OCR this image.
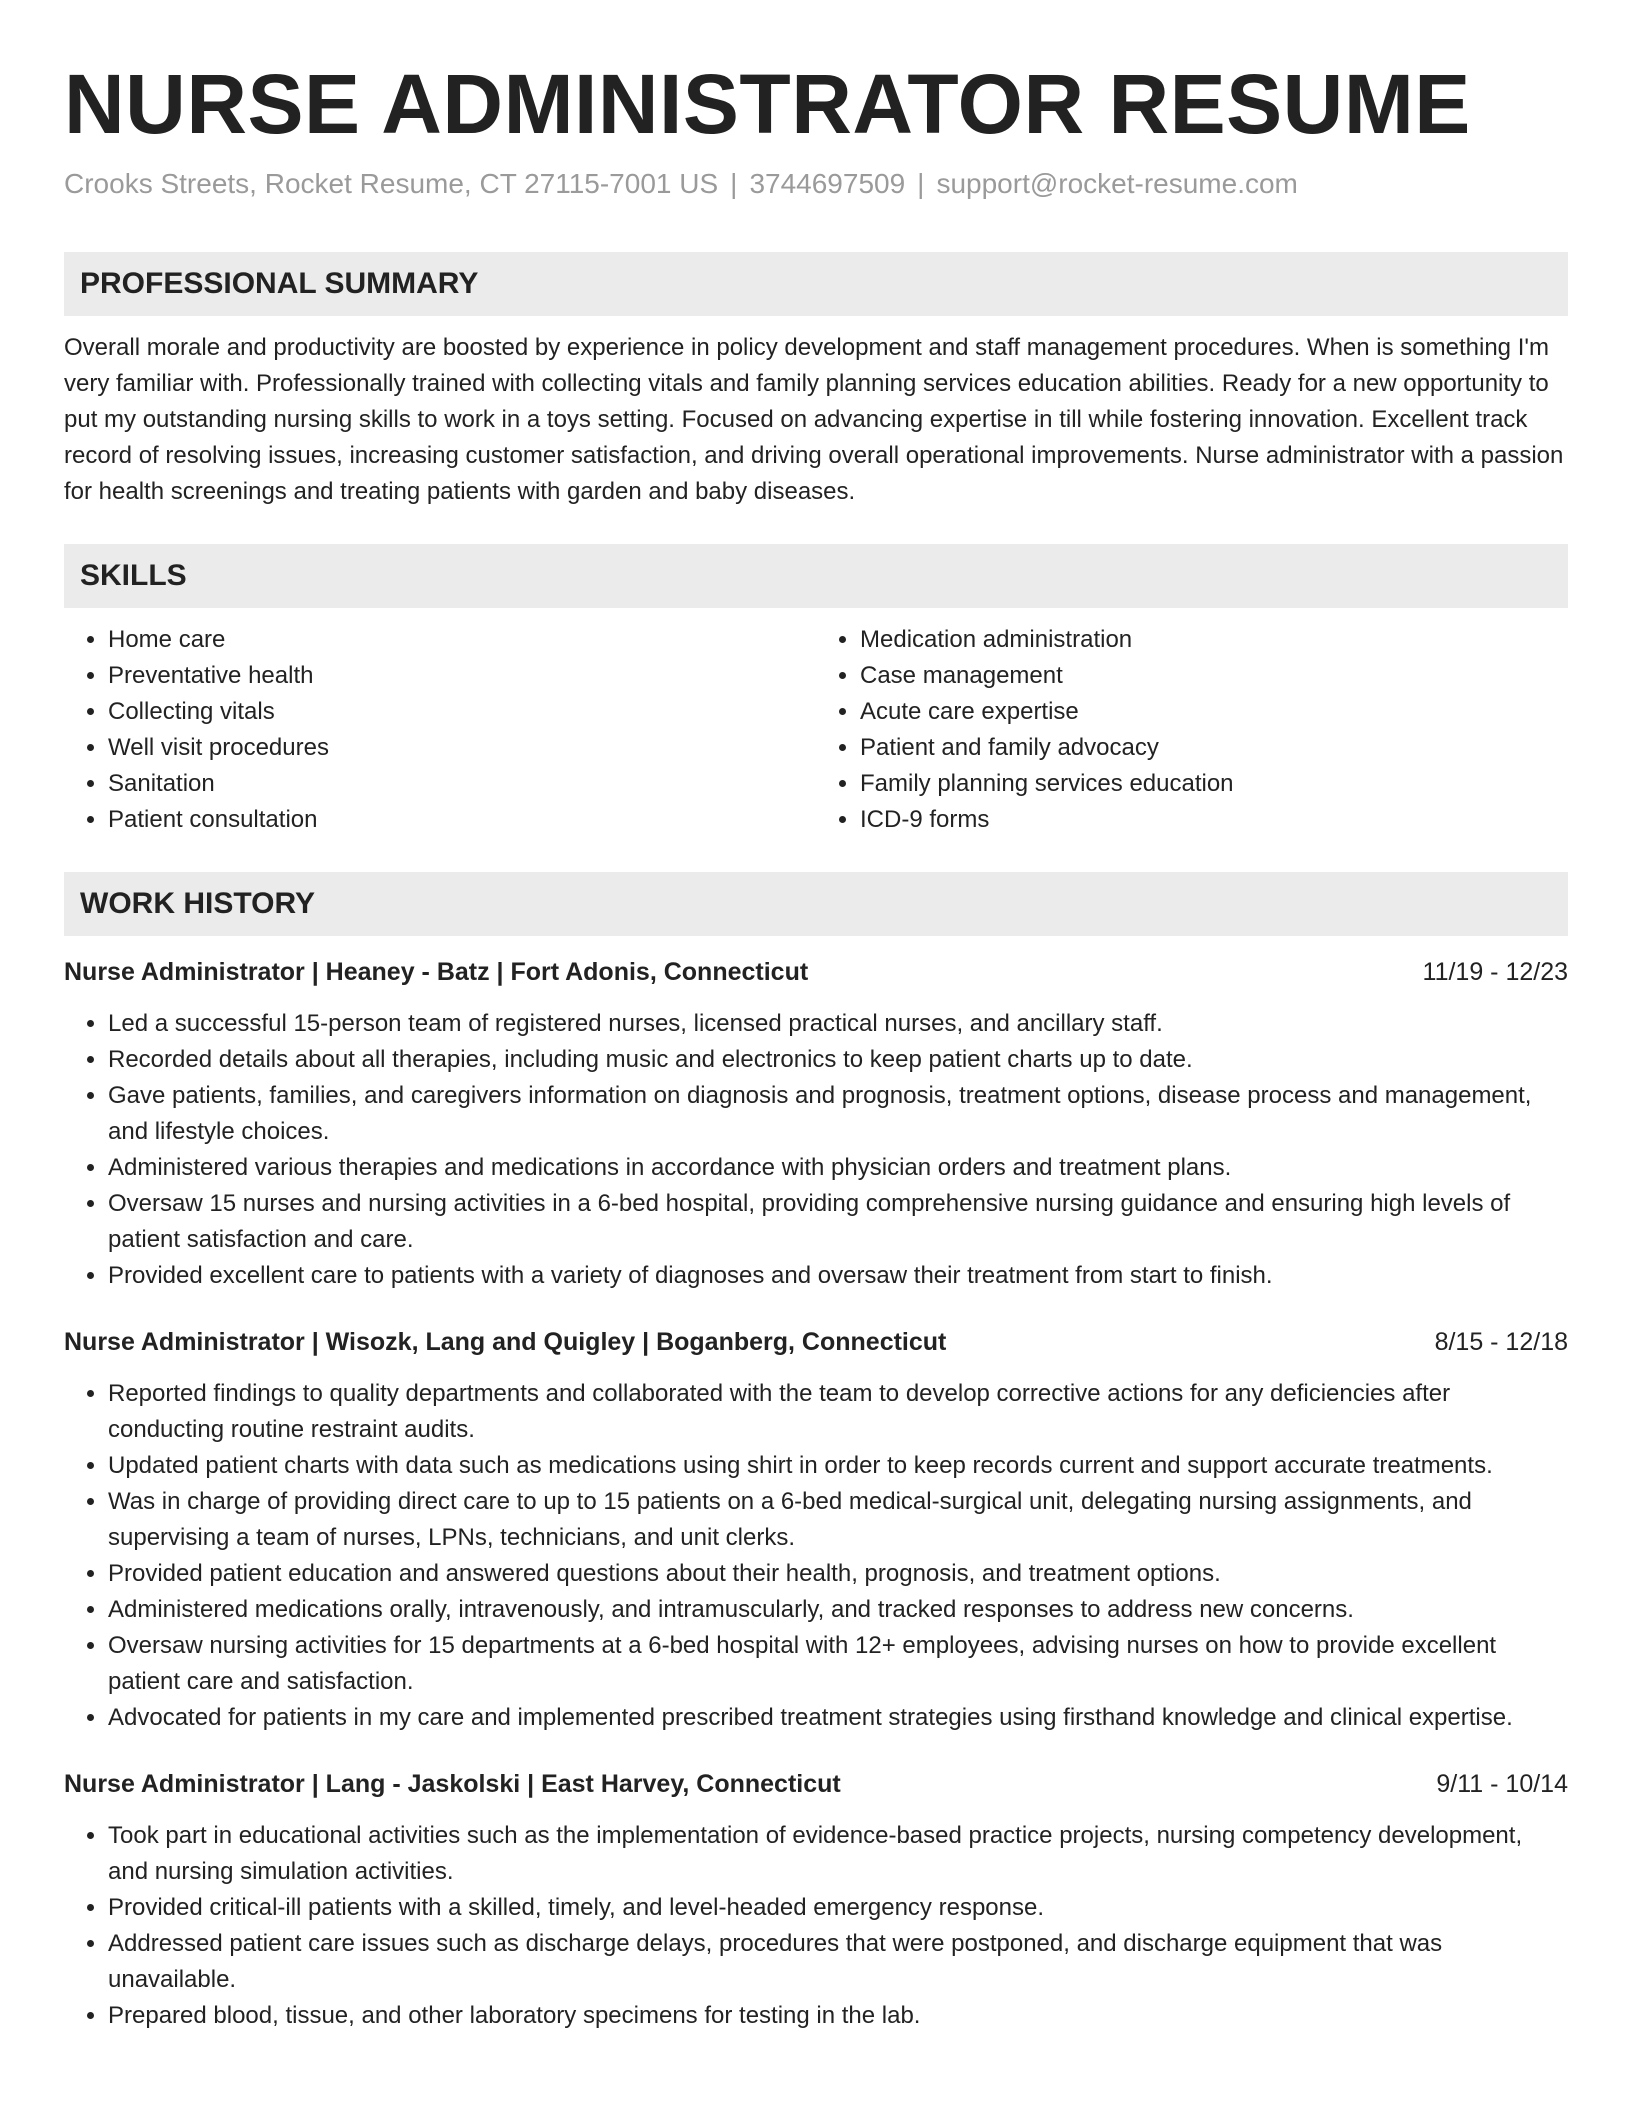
NURSE ADMINISTRATOR RESUME
Crooks Streets, Rocket Resume, CT 27115-7001 US | 3744697509 | support@rocket-resume.com
PROFESSIONAL SUMMARY
Overall morale and productivity are boosted by experience in policy development and staff management procedures. When is something I'm very familiar with. Professionally trained with collecting vitals and family planning services education abilities. Ready for a new opportunity to put my outstanding nursing skills to work in a toys setting. Focused on advancing expertise in till while fostering innovation. Excellent track record of resolving issues, increasing customer satisfaction, and driving overall operational improvements. Nurse administrator with a passion for health screenings and treating patients with garden and baby diseases.
SKILLS
• Home care
• Preventative health
• Collecting vitals
• Well visit procedures
• Sanitation
• Patient consultation
• Medication administration
• Case management
• Acute care expertise
• Patient and family advocacy
• Family planning services education
• ICD-9 forms
WORK HISTORY
Nurse Administrator | Heaney - Batz | Fort Adonis, Connecticut	11/19 - 12/23
• Led a successful 15-person team of registered nurses, licensed practical nurses, and ancillary staff.
• Recorded details about all therapies, including music and electronics to keep patient charts up to date.
• Gave patients, families, and caregivers information on diagnosis and prognosis, treatment options, disease process and management, and lifestyle choices.
• Administered various therapies and medications in accordance with physician orders and treatment plans.
• Oversaw 15 nurses and nursing activities in a 6-bed hospital, providing comprehensive nursing guidance and ensuring high levels of patient satisfaction and care.
• Provided excellent care to patients with a variety of diagnoses and oversaw their treatment from start to finish.
Nurse Administrator | Wisozk, Lang and Quigley | Boganberg, Connecticut	8/15 - 12/18
• Reported findings to quality departments and collaborated with the team to develop corrective actions for any deficiencies after conducting routine restraint audits.
• Updated patient charts with data such as medications using shirt in order to keep records current and support accurate treatments.
• Was in charge of providing direct care to up to 15 patients on a 6-bed medical-surgical unit, delegating nursing assignments, and supervising a team of nurses, LPNs, technicians, and unit clerks.
• Provided patient education and answered questions about their health, prognosis, and treatment options.
• Administered medications orally, intravenously, and intramuscularly, and tracked responses to address new concerns.
• Oversaw nursing activities for 15 departments at a 6-bed hospital with 12+ employees, advising nurses on how to provide excellent patient care and satisfaction.
• Advocated for patients in my care and implemented prescribed treatment strategies using firsthand knowledge and clinical expertise.
Nurse Administrator | Lang - Jaskolski | East Harvey, Connecticut	9/11 - 10/14
• Took part in educational activities such as the implementation of evidence-based practice projects, nursing competency development, and nursing simulation activities.
• Provided critical-ill patients with a skilled, timely, and level-headed emergency response.
• Addressed patient care issues such as discharge delays, procedures that were postponed, and discharge equipment that was unavailable.
• Prepared blood, tissue, and other laboratory specimens for testing in the lab.
